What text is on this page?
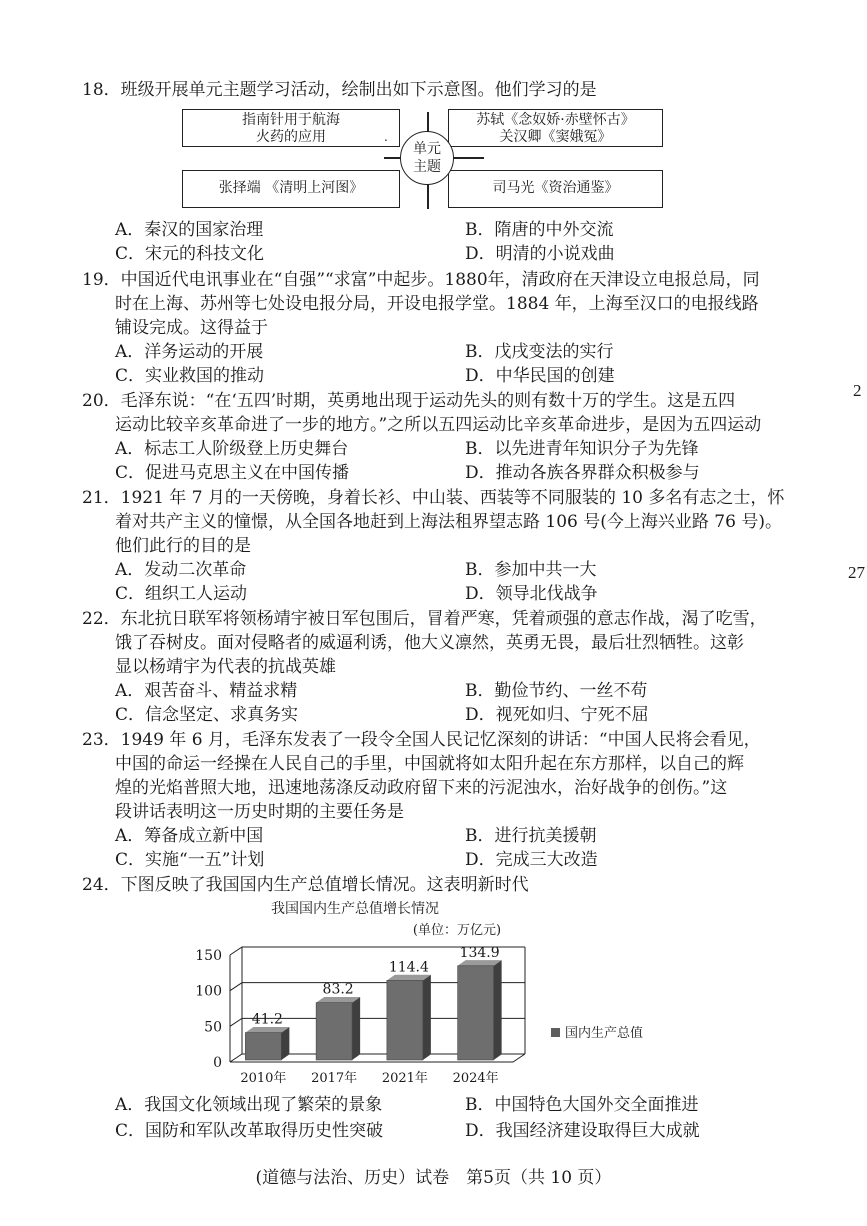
18．班级开展单元主题学习活动，绘制出如下示意图。他们学习的是
指南针用于航海
火药的应用
苏轼《念奴娇·赤壁怀古》
关汉卿《窦娥冤》
张择端 《清明上河图》	司马光《资治通鉴》
.
单元
主题
A．秦汉的国家治理	B．隋唐的中外交流
C．宋元的科技文化	D．明清的小说戏曲
19．中国近代电讯事业在“自强”“求富”中起步。1880年，清政府在天津设立电报总局，同
时在上海、苏州等七处设电报分局，开设电报学堂。1884 年，上海至汉口的电报线路
铺设完成。这得益于
A．洋务运动的开展	B．戊戌变法的实行
C．实业救国的推动	D．中华民国的创建
20．毛泽东说：“在‘五四’时期，英勇地出现于运动先头的则有数十万的学生。这是五四
运动比较辛亥革命进了一步的地方。”之所以五四运动比辛亥革命进步，是因为五四运动
A．标志工人阶级登上历史舞台	B．以先进青年知识分子为先锋
C．促进马克思主义在中国传播	D．推动各族各界群众积极参与
21．1921 年 7 月的一天傍晚，身着长衫、中山装、西装等不同服装的 10 多名有志之士，怀
着对共产主义的憧憬，从全国各地赶到上海法租界望志路 106 号(今上海兴业路 76 号)。
他们此行的目的是
A．发动二次革命	B．参加中共一大
C．组织工人运动	D．领导北伐战争
22．东北抗日联军将领杨靖宇被日军包围后，冒着严寒，凭着顽强的意志作战，渴了吃雪，
饿了吞树皮。面对侵略者的威逼利诱，他大义凛然，英勇无畏，最后壮烈牺牲。这彰
显以杨靖宇为代表的抗战英雄
A．艰苦奋斗、精益求精	B．勤俭节约、一丝不苟
C．信念坚定、求真务实	D．视死如归、宁死不屈
23．1949 年 6 月，毛泽东发表了一段令全国人民记忆深刻的讲话：“中国人民将会看见，
中国的命运一经操在人民自己的手里，中国就将如太阳升起在东方那样，以自己的辉
煌的光焰普照大地，迅速地荡涤反动政府留下来的污泥浊水，治好战争的创伤。”这
段讲话表明这一历史时期的主要任务是
A．筹备成立新中国	B．进行抗美援朝
C．实施“一五”计划	D．完成三大改造
24．下图反映了我国国内生产总值增长情况。这表明新时代
我国国内生产总值增长情况
(单位：万亿元)
41.2
83.2
114.4
134.9
0
50
100
150
2010年 2017年 2021年 2024年
国内生产总值
A．我国文化领域出现了繁荣的景象	B．中国特色大国外交全面推进
C．国防和军队改革取得历史性突破	D．我国经济建设取得巨大成就
2
27
(道德与法治、历史）试卷　第5页（共 10 页）
